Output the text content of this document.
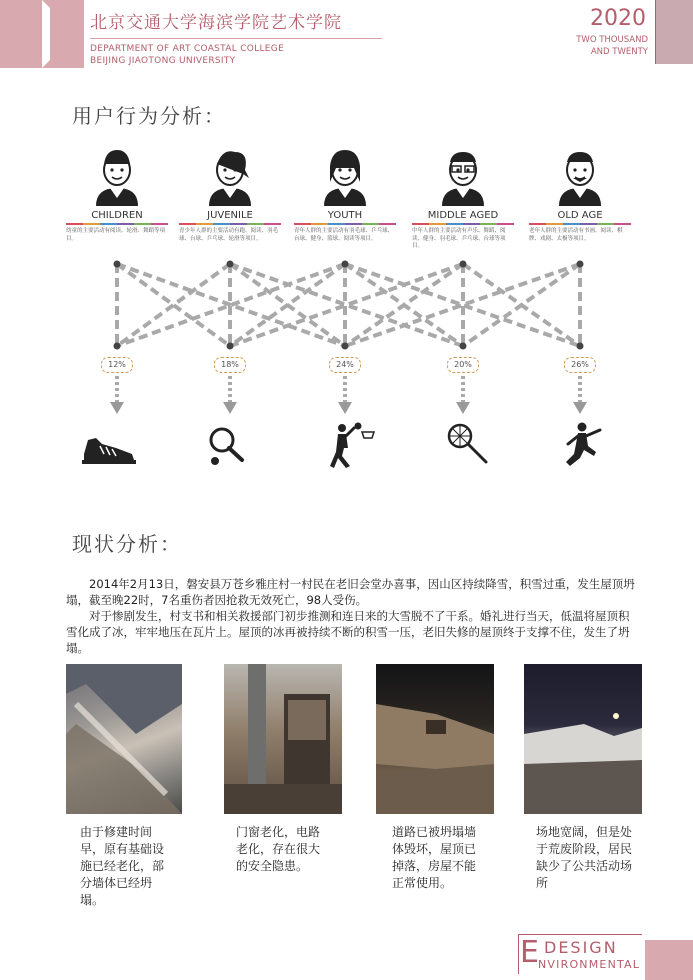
北京交通大学海滨学院艺术学院
DEPARTMENT OF ART COASTAL COLLEGE
BEIJING JIAOTONG UNIVERSITY
2020
TWO THOUSAND
AND TWENTY
用户行为分析：
CHILDREN
幼童的主要活动有阅读、轮滑、舞蹈等项目。
JUVENILE
青少年人群的主要活动有跑、阅读、羽毛球、台球、乒乓球、轮滑等项目。
YOUTH
青年人群的主要活动有羽毛球、乒乓球、台球、健身、篮球、阅读等项目。
MIDDLE AGED
中年人群的主要活动有声乐、舞蹈、阅读、健身、羽毛球、乒乓球、台球等项目。
OLD AGE
老年人群的主要活动有书画、阅读、棋牌、戏剧、太极等项目。
12%	18%	24%	20%	26%
现状分析：

2014年2月13日，磐安县万苍乡雅庄村一村民在老旧会堂办喜事，因山区持续降雪，积雪过重，发生屋顶坍塌，截至晚22时，7名重伤者因抢救无效死亡，98人受伤。

对于惨剧发生，村支书和相关救援部门初步推测和连日来的大雪脱不了干系。婚礼进行当天，低温将屋顶积雪化成了冰，牢牢地压在瓦片上。屋顶的冰再被持续不断的积雪一压，老旧失修的屋顶终于支撑不住，发生了坍塌。

由于修建时间早，原有基础设施已经老化，部分墙体已经坍塌。
门窗老化，电路老化，存在很大的安全隐患。
道路已被坍塌墙体毁坏，屋顶已掉落，房屋不能正常使用。
场地宽阔，但是处于荒废阶段，居民缺少了公共活动场所
E DESIGN
NVIRONMENTAL
